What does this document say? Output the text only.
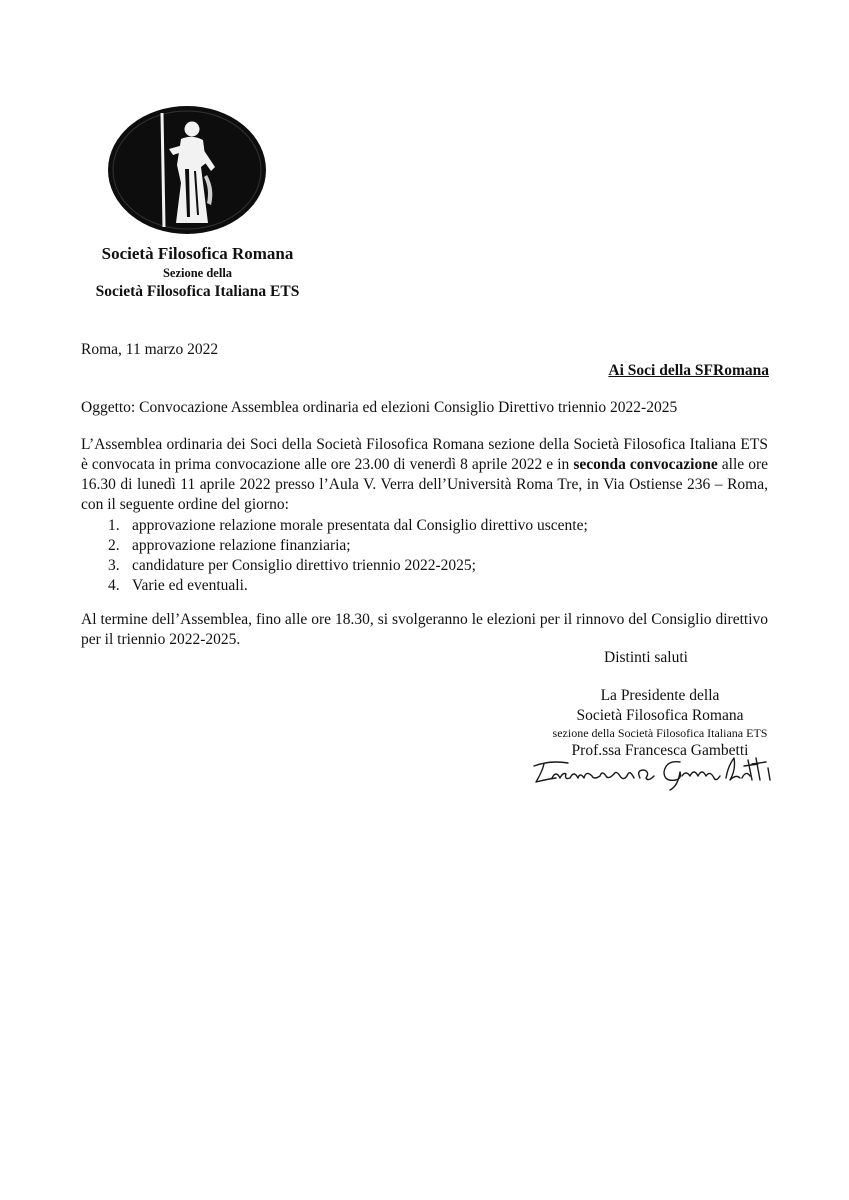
Società Filosofica Romana
Sezione della
Società Filosofica Italiana ETS
Roma, 11 marzo 2022
Ai Soci della SFRomana
Oggetto: Convocazione Assemblea ordinaria ed elezioni Consiglio Direttivo triennio 2022-2025
L’Assemblea ordinaria dei Soci della Società Filosofica Romana sezione della Società Filosofica Italiana ETS è convocata in prima convocazione alle ore 23.00 di venerdì 8 aprile 2022 e in seconda convocazione alle ore 16.30 di lunedì 11 aprile 2022 presso l’Aula V. Verra dell’Università Roma Tre, in Via Ostiense 236 – Roma, con il seguente ordine del giorno:
1. approvazione relazione morale presentata dal Consiglio direttivo uscente;
2. approvazione relazione finanziaria;
3. candidature per Consiglio direttivo triennio 2022-2025;
4. Varie ed eventuali.
Al termine dell’Assemblea, fino alle ore 18.30, si svolgeranno le elezioni per il rinnovo del Consiglio direttivo per il triennio 2022-2025.
Distinti saluti
La Presidente della
Società Filosofica Romana
sezione della Società Filosofica Italiana ETS
Prof.ssa Francesca Gambetti
